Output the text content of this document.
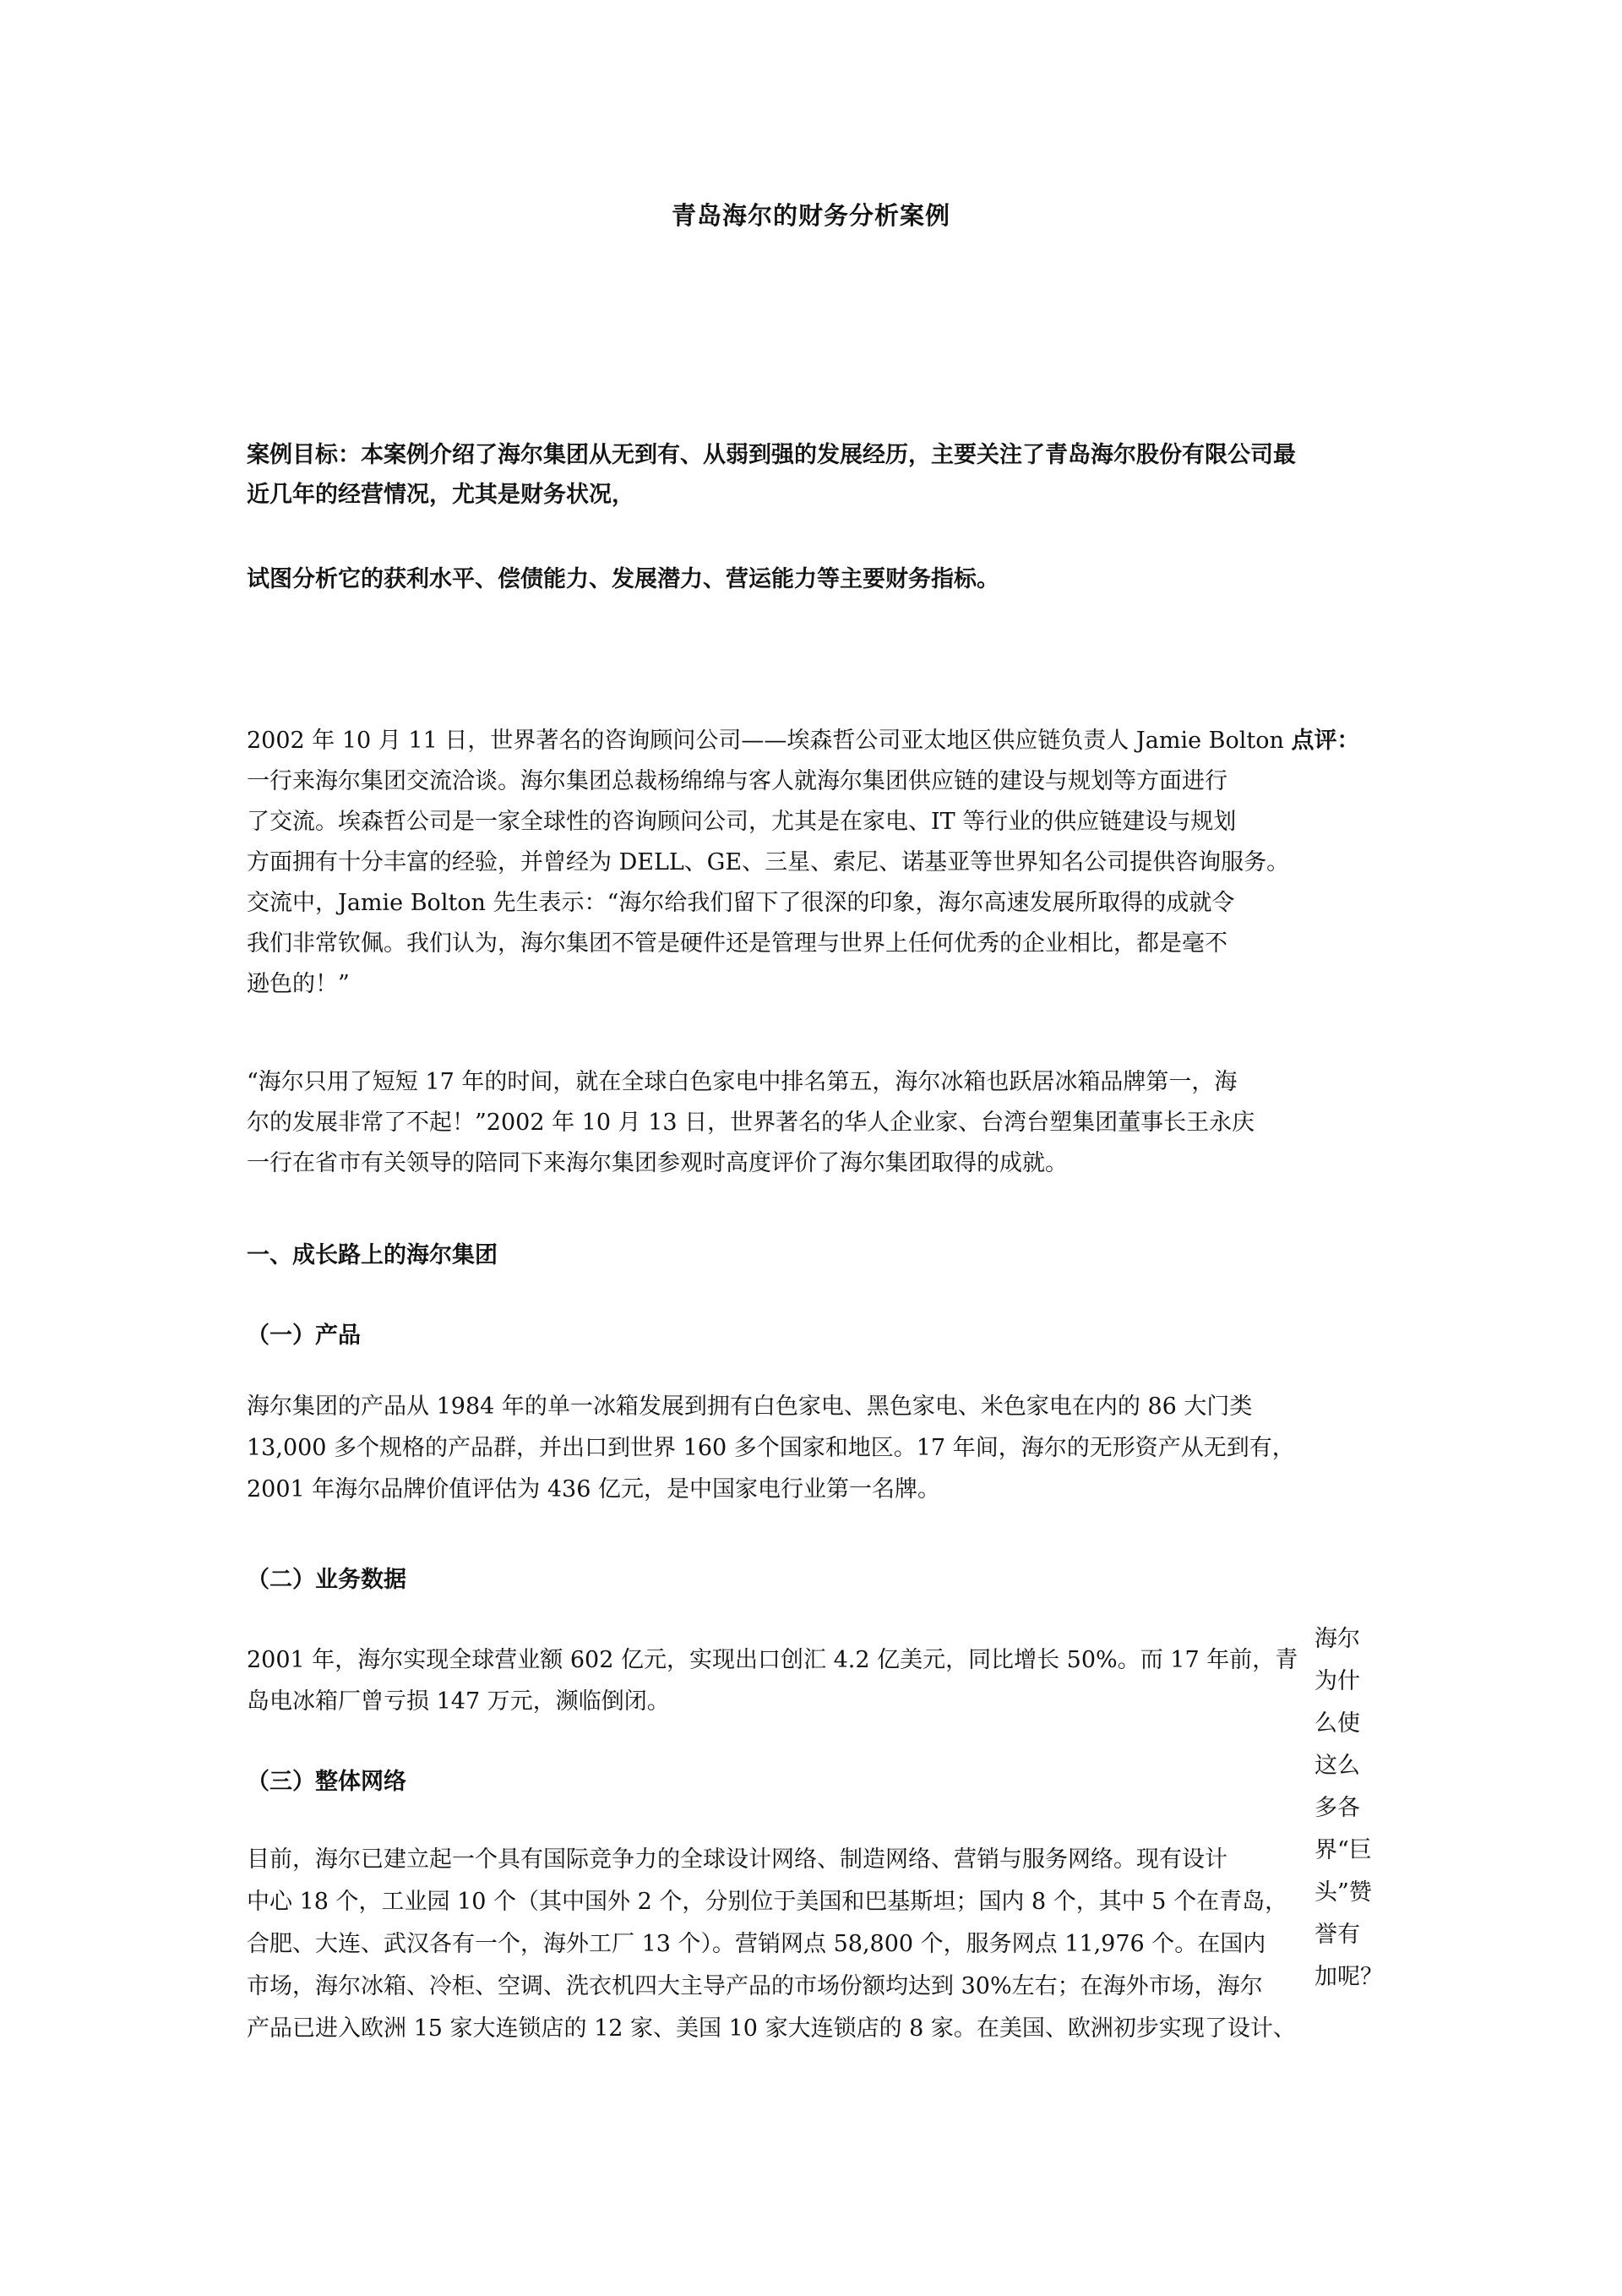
青岛海尔的财务分析案例
案例目标：本案例介绍了海尔集团从无到有、从弱到强的发展经历，主要关注了青岛海尔股份有限公司最
近几年的经营情况，尤其是财务状况，
试图分析它的获利水平、偿债能力、发展潜力、营运能力等主要财务指标。
2002 年 10 月 11 日，世界著名的咨询顾问公司——埃森哲公司亚太地区供应链负责人 Jamie Bolton 点评：
一行来海尔集团交流洽谈。海尔集团总裁杨绵绵与客人就海尔集团供应链的建设与规划等方面进行
了交流。埃森哲公司是一家全球性的咨询顾问公司，尤其是在家电、IT 等行业的供应链建设与规划
方面拥有十分丰富的经验，并曾经为 DELL、GE、三星、索尼、诺基亚等世界知名公司提供咨询服务。
交流中，Jamie Bolton 先生表示：“海尔给我们留下了很深的印象，海尔高速发展所取得的成就令
我们非常钦佩。我们认为，海尔集团不管是硬件还是管理与世界上任何优秀的企业相比，都是毫不
逊色的！”
“海尔只用了短短 17 年的时间，就在全球白色家电中排名第五，海尔冰箱也跃居冰箱品牌第一，海
尔的发展非常了不起！”2002 年 10 月 13 日，世界著名的华人企业家、台湾台塑集团董事长王永庆
一行在省市有关领导的陪同下来海尔集团参观时高度评价了海尔集团取得的成就。
一、成长路上的海尔集团
（一）产品
海尔集团的产品从 1984 年的单一冰箱发展到拥有白色家电、黑色家电、米色家电在内的 86 大门类
13,000 多个规格的产品群，并出口到世界 160 多个国家和地区。17 年间，海尔的无形资产从无到有，
2001 年海尔品牌价值评估为 436 亿元，是中国家电行业第一名牌。
（二）业务数据
2001 年，海尔实现全球营业额 602 亿元，实现出口创汇 4.2 亿美元，同比增长 50%。而 17 年前，青
岛电冰箱厂曾亏损 147 万元，濒临倒闭。
（三）整体网络
目前，海尔已建立起一个具有国际竞争力的全球设计网络、制造网络、营销与服务网络。现有设计
中心 18 个，工业园 10 个（其中国外 2 个，分别位于美国和巴基斯坦；国内 8 个，其中 5 个在青岛，
合肥、大连、武汉各有一个，海外工厂 13 个）。营销网点 58,800 个，服务网点 11,976 个。在国内
市场，海尔冰箱、冷柜、空调、洗衣机四大主导产品的市场份额均达到 30%左右；在海外市场，海尔
产品已进入欧洲 15 家大连锁店的 12 家、美国 10 家大连锁店的 8 家。在美国、欧洲初步实现了设计、
海尔
为什
么使
这么
多各
界“巨
头”赞
誉有
加呢？
